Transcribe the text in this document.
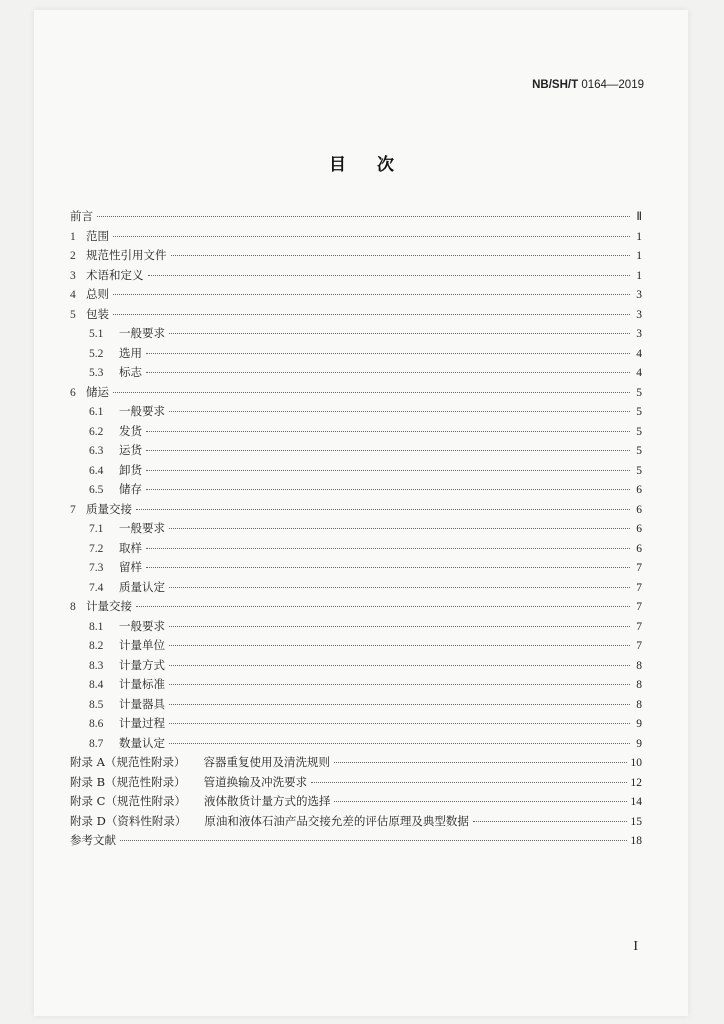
NB/SH/T 0164—2019
目 次
前言	Ⅱ
1 范围	1
2 规范性引用文件	1
3 术语和定义	1
4 总则	3
5 包装	3
5.1	一般要求	3
5.2	选用	4
5.3	标志	4
6 储运	5
6.1	一般要求	5
6.2	发货	5
6.3	运货	5
6.4	卸货	5
6.5	储存	6
7 质量交接	6
7.1	一般要求	6
7.2	取样	6
7.3	留样	7
7.4	质量认定	7
8 计量交接	7
8.1	一般要求	7
8.2	计量单位	7
8.3	计量方式	8
8.4	计量标准	8
8.5	计量器具	8
8.6	计量过程	9
8.7	数量认定	9
附录 A（规范性附录） 容器重复使用及清洗规则	10
附录 B（规范性附录） 管道换输及冲洗要求	12
附录 C（规范性附录） 液体散货计量方式的选择	14
附录 D（资料性附录） 原油和液体石油产品交接允差的评估原理及典型数据	15
参考文献	18
I
